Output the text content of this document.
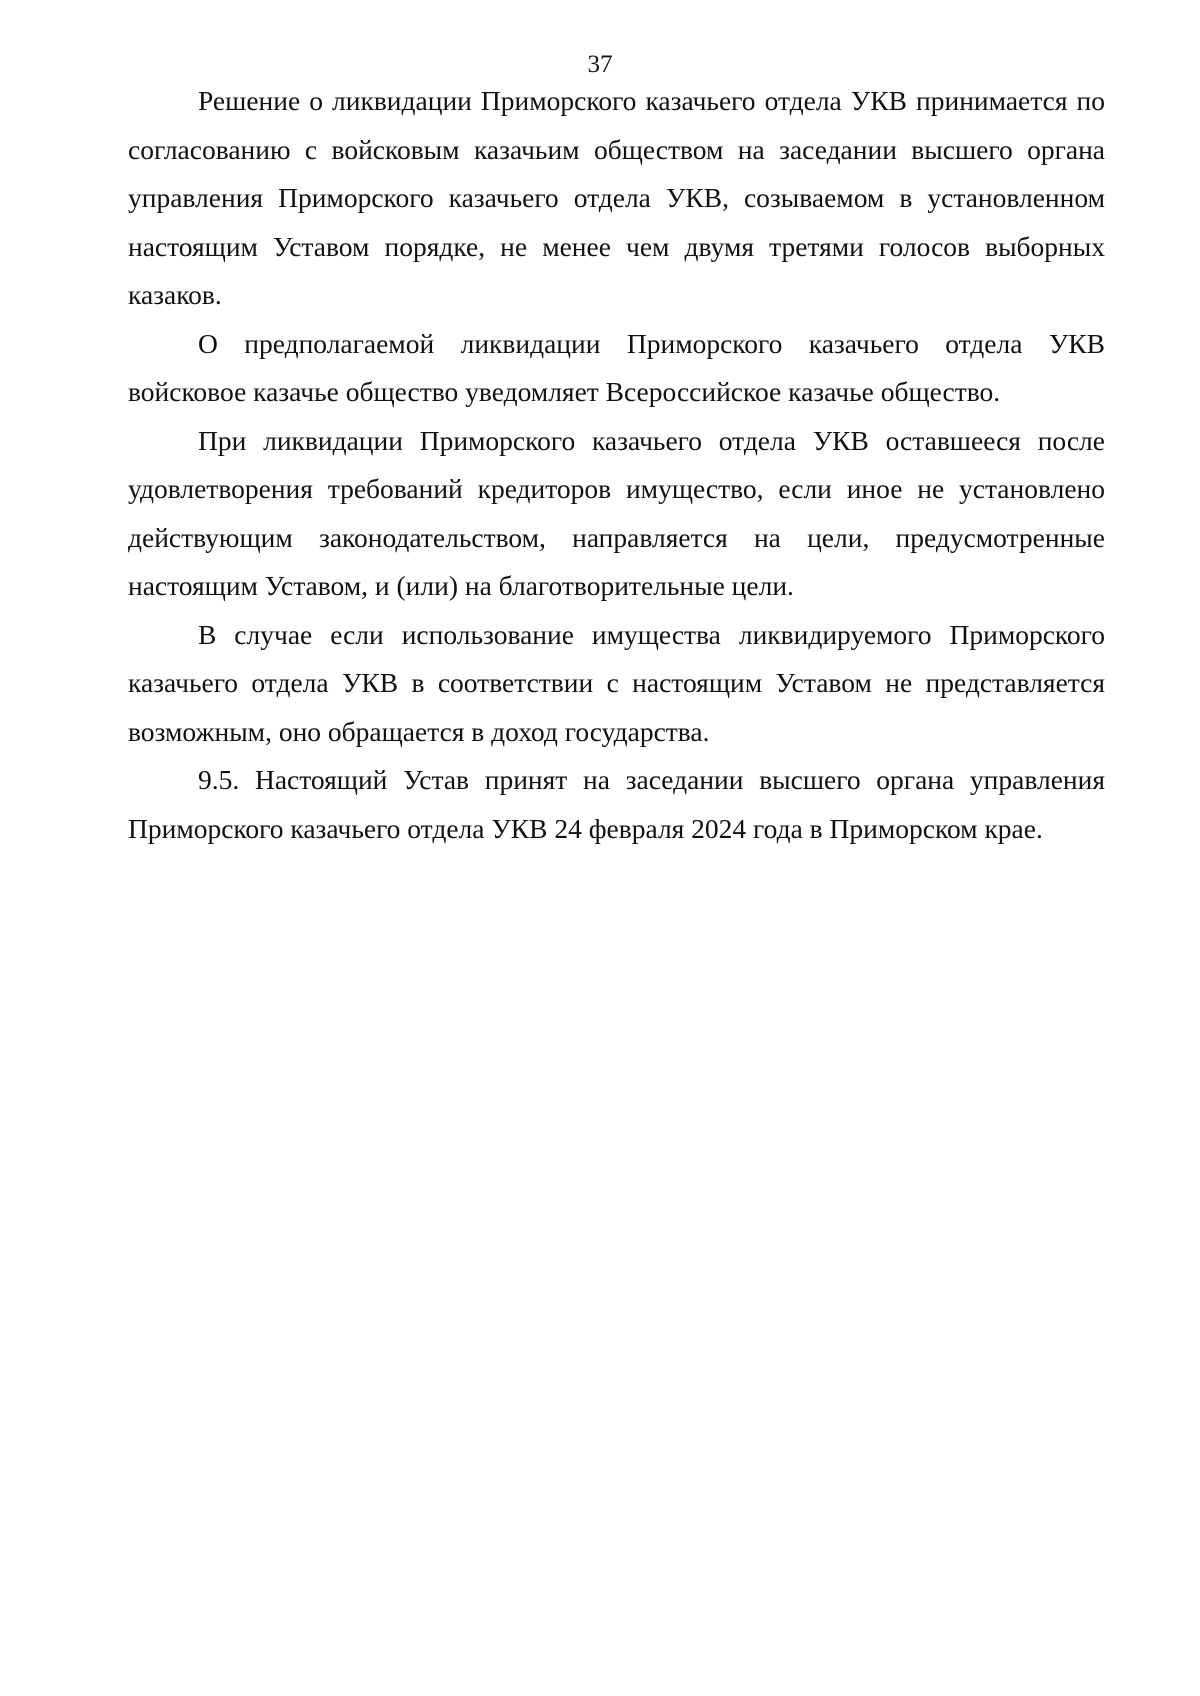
37

Решение о ликвидации Приморского казачьего отдела УКВ принимается по согласованию с войсковым казачьим обществом на заседании высшего органа управления Приморского казачьего отдела УКВ, созываемом в установленном настоящим Уставом порядке, не менее чем двумя третями голосов выборных казаков.

О предполагаемой ликвидации Приморского казачьего отдела УКВ войсковое казачье общество уведомляет Всероссийское казачье общество.

При ликвидации Приморского казачьего отдела УКВ оставшееся после удовлетворения требований кредиторов имущество, если иное не установлено действующим законодательством, направляется на цели, предусмотренные настоящим Уставом, и (или) на благотворительные цели.

В случае если использование имущества ликвидируемого Приморского казачьего отдела УКВ в соответствии с настоящим Уставом не представляется возможным, оно обращается в доход государства.

9.5. Настоящий Устав принят на заседании высшего органа управления Приморского казачьего отдела УКВ 24 февраля 2024 года в Приморском крае.
